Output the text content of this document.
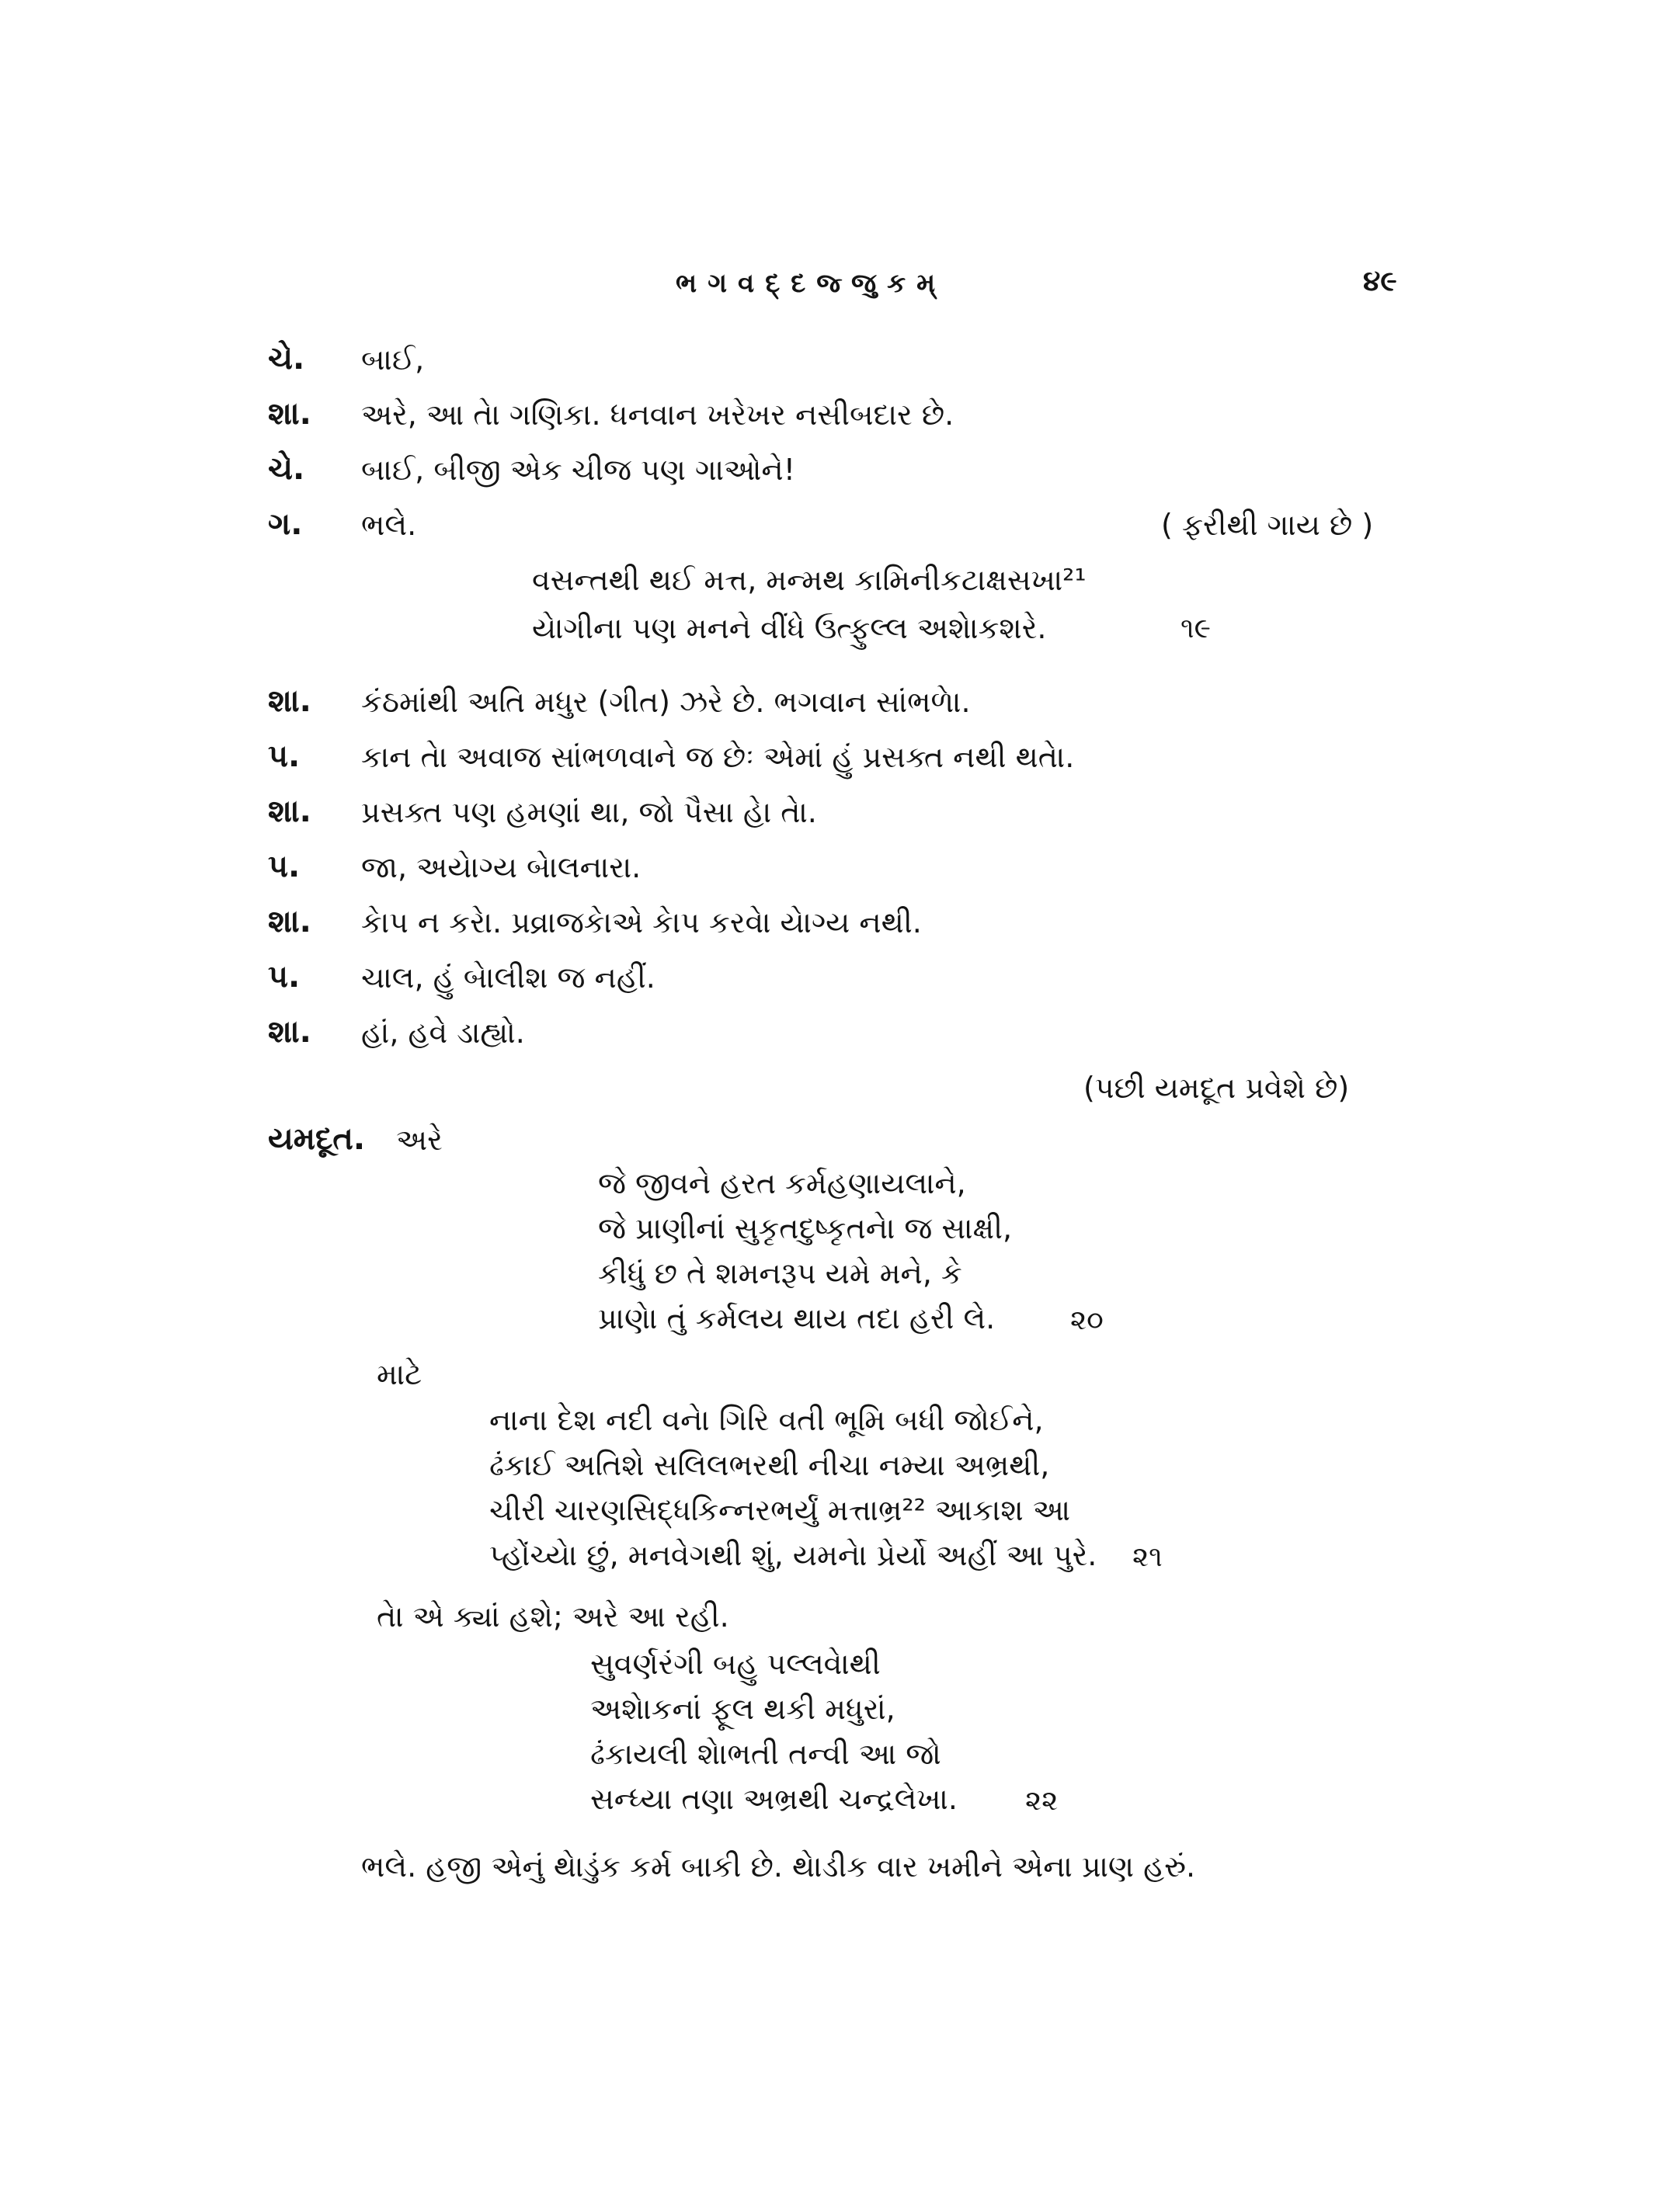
ભગવદ્દજ્જુકમ્	૪૯
ચે. બાઈ,
શા. અરે, આ તેા ગણિકા. ધનવાન ખરેખર નસીબદાર છે.
ચે. બાઈ, બીજી એક ચીજ પણ ગાઓને!
ગ. ભલે.	( ફરીથી ગાય છે )
વસન્તથી થઈ મત્ત, મન્મથ કામિનીકટાક્ષસખા²¹
યેાગીના પણ મનને વીંધે ઉત્ફુલ્લ અશેાકશરે.	૧૯
શા. કંઠમાંથી અતિ મધુર (ગીત) ઝરે છે. ભગવાન સાંભળેા.
પ. કાન તેા અવાજ સાંભળવાને જ છેઃ એમાં હું પ્રસક્ત નથી થતેા.
શા. પ્રસક્ત પણ હમણાં થા, જો પૈસા હેા તેા.
પ. જા, અયેાગ્ય બેાલનારા.
શા. કેાપ ન કરેા. પ્રવ્રાજકેાએ કેાપ કરવેા યેાગ્ય નથી.
પ. ચાલ, હું બેાલીશ જ નહીં.
શા. હાં, હવે ડાહ્યો.
(પછી યમદૂત પ્રવેશે છે)
યમદૂત. અરે
જે જીવને હરત કર્મહણાયલાને,
જે પ્રાણીનાં સુકૃતદુષ્કૃતનેા જ સાક્ષી,
કીધું છ તે શમનરૂપ યમે મને, કે
પ્રાણેા તું કર્મલય થાય તદા હરી લે.	૨૦
માટે
નાના દેશ નદી વનેા ગિરિ વતી ભૂમિ બધી જોઈને,
ઢંકાઈ અતિશે સલિલભરથી નીચા નમ્યા અભ્રથી,
ચીરી ચારણસિદ્ધકિન્નરભર્યું મત્તાભ્ર²² આકાશ આ
પ્હોંચ્યેા છું, મનવેગથી શું, યમનેા પ્રેર્યો અહીં આ પુરે. ૨૧
તેા એ ક્યાં હશે; અરે આ રહી.
સુવર્ણરંગી બહુ પલ્લવેાથી
અશેાકનાં ફૂલ થકી મધુરાં,
ઢંકાયલી શેાભતી તન્વી આ જો
સન્ધ્યા તણા અભ્રથી ચન્દ્રલેખા. ૨૨
ભલે. હજી એનું થેાડુંક કર્મ બાકી છે. થેાડીક વાર ખમીને એના પ્રાણ હરું.
